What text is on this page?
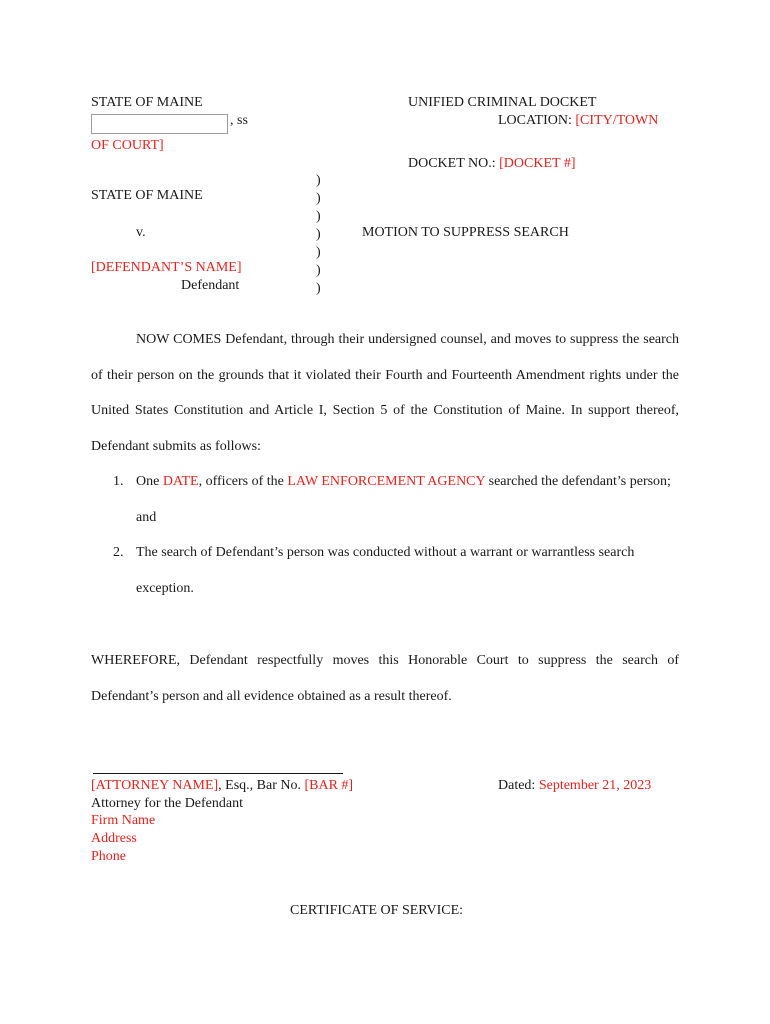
STATE OF MAINE
, ss
OF COURT]
UNIFIED CRIMINAL DOCKET
LOCATION: [CITY/TOWN
DOCKET NO.: [DOCKET #]
STATE OF MAINE
v.
[DEFENDANT’S NAME]
Defendant
)
)
)
)
)
)
)
MOTION TO SUPPRESS SEARCH
NOW COMES Defendant, through their undersigned counsel, and moves to suppress the search of their person on the grounds that it violated their Fourth and Fourteenth Amendment rights under the United States Constitution and Article I, Section 5 of the Constitution of Maine. In support thereof, Defendant submits as follows:
1. One DATE, officers of the LAW ENFORCEMENT AGENCY searched the defendant’s person; and
2. The search of Defendant’s person was conducted without a warrant or warrantless search exception.
WHEREFORE, Defendant respectfully moves this Honorable Court to suppress the search of Defendant’s person and all evidence obtained as a result thereof.
[ATTORNEY NAME], Esq., Bar No. [BAR #]
Attorney for the Defendant
Firm Name
Address
Phone
Dated: September 21, 2023
CERTIFICATE OF SERVICE:
